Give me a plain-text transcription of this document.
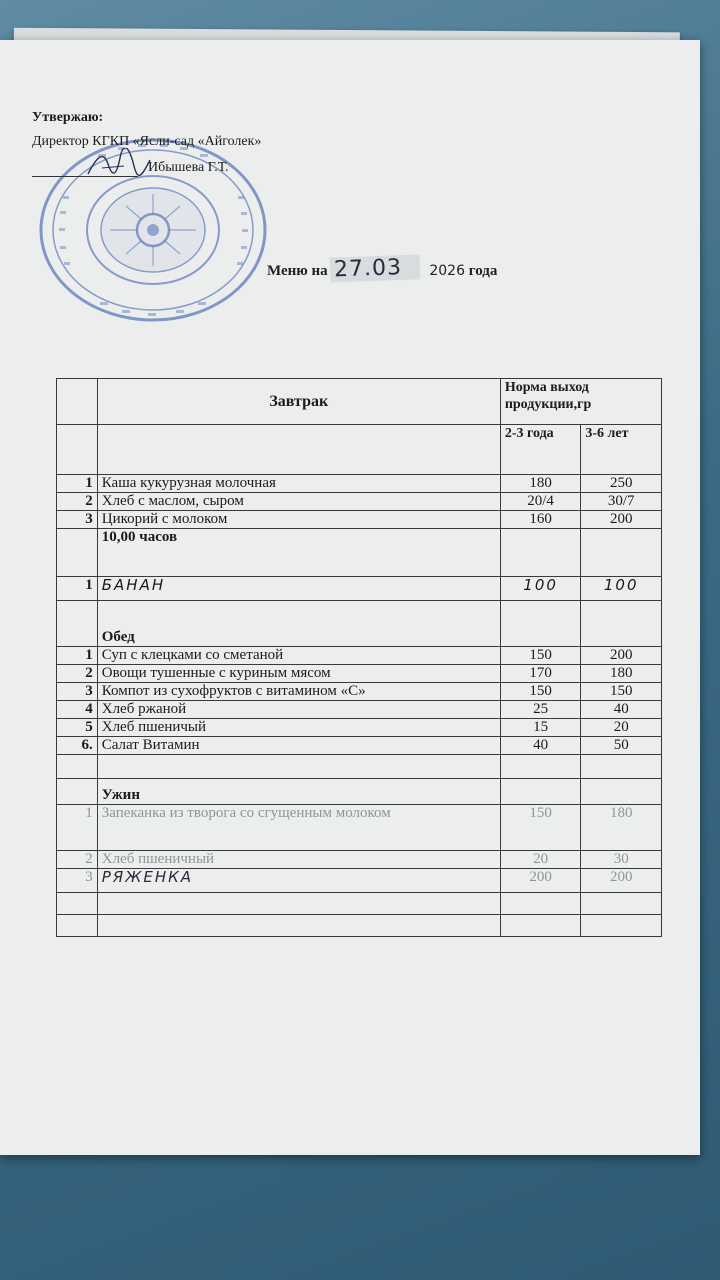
Утвержаю:
Директор КГКП «Ясли-сад «Айголек»
Ибышева Г.Т.
Меню на 27.03 2026 года
	Завтрак	Норма выход продукции,гр	
		2-3 года	3-6 лет
1	Каша кукурузная молочная	180	250
2	Хлеб с маслом, сыром	20/4	30/7
3	Цикорий с молоком	160	200
	10,00 часов		
1	БАНАН	100	100
	Обед		
1	Суп с клецками со сметаной	150	200
2	Овощи тушенные с куриным мясом	170	180
3	Компот из сухофруктов с витамином «С»	150	150
4	Хлеб ржаной	25	40
5	Хлеб пшеничый	15	20
6.	Салат Витамин	40	50

	Ужин		
1	Запеканка из творога со сгущенным молоком	150	180
2	Хлеб пшеничный	20	30
3	РЯЖЕНКА	200	200
